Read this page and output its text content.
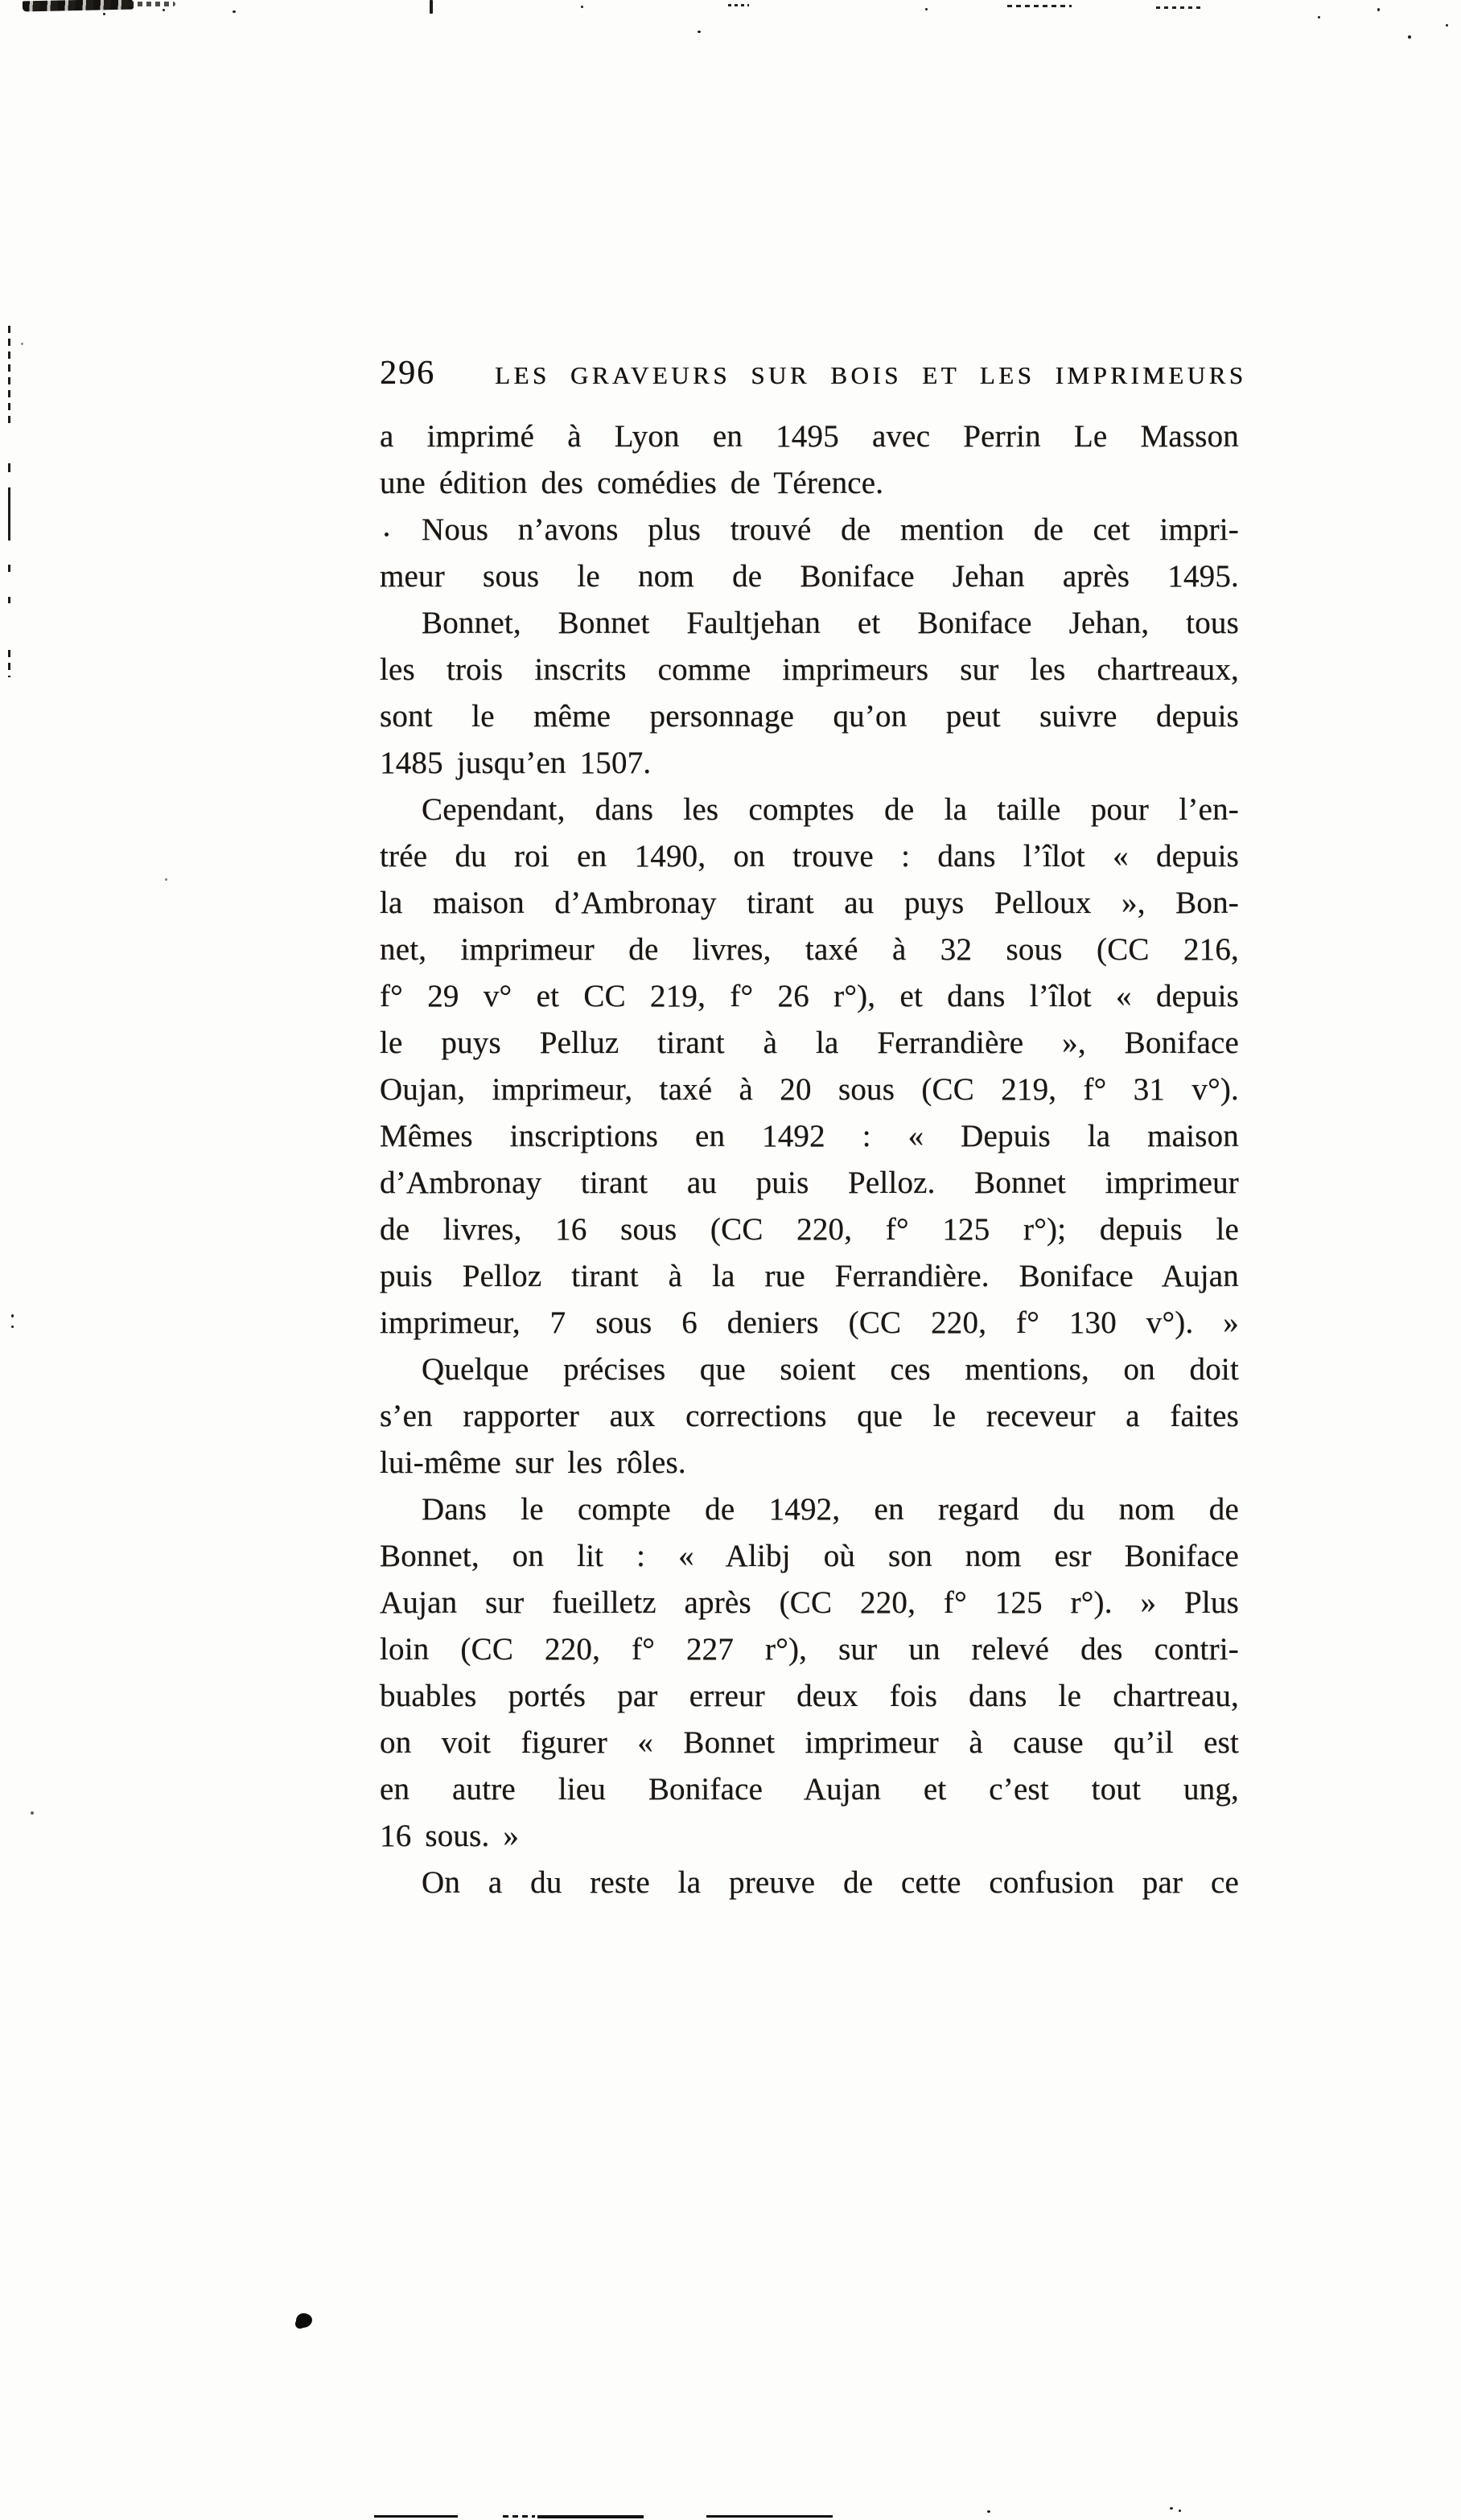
296 LES GRAVEURS SUR BOIS ET LES IMPRIMEURS
a imprimé à Lyon en 1495 avec Perrin Le Masson
une édition des comédies de Térence.
Nous n’avons plus trouvé de mention de cet impri-
meur sous le nom de Boniface Jehan après 1495.
Bonnet, Bonnet Faultjehan et Boniface Jehan, tous
les trois inscrits comme imprimeurs sur les chartreaux,
sont le même personnage qu’on peut suivre depuis
1485 jusqu’en 1507.
Cependant, dans les comptes de la taille pour l’en-
trée du roi en 1490, on trouve : dans l’îlot « depuis
la maison d’Ambronay tirant au puys Pelloux », Bon-
net, imprimeur de livres, taxé à 32 sous (CC 216,
f° 29 v° et CC 219, f° 26 r°), et dans l’îlot « depuis
le puys Pelluz tirant à la Ferrandière », Boniface
Oujan, imprimeur, taxé à 20 sous (CC 219, f° 31 v°).
Mêmes inscriptions en 1492 : « Depuis la maison
d’Ambronay tirant au puis Pelloz. Bonnet imprimeur
de livres, 16 sous (CC 220, f° 125 r°); depuis le
puis Pelloz tirant à la rue Ferrandière. Boniface Aujan
imprimeur, 7 sous 6 deniers (CC 220, f° 130 v°). »
Quelque précises que soient ces mentions, on doit
s’en rapporter aux corrections que le receveur a faites
lui-même sur les rôles.
Dans le compte de 1492, en regard du nom de
Bonnet, on lit : « Alibj où son nom esr Boniface
Aujan sur fueilletz après (CC 220, f° 125 r°). » Plus
loin (CC 220, f° 227 r°), sur un relevé des contri-
buables portés par erreur deux fois dans le chartreau,
on voit figurer « Bonnet imprimeur à cause qu’il est
en autre lieu Boniface Aujan et c’est tout ung,
16 sous. »
On a du reste la preuve de cette confusion par ce
